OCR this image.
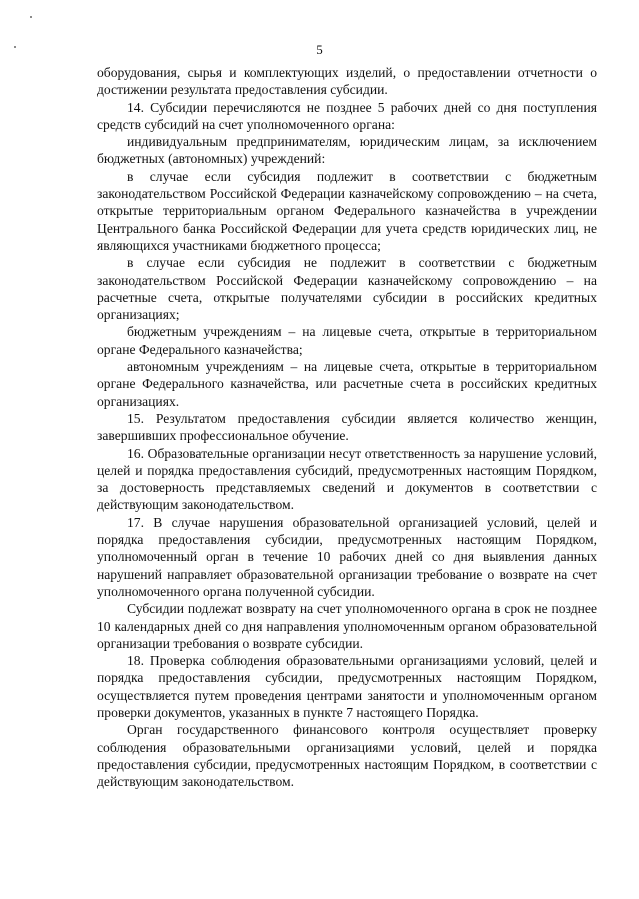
5

оборудования, сырья и комплектующих изделий, о предоставлении отчетности о достижении результата предоставления субсидии.

14. Субсидии перечисляются не позднее 5 рабочих дней со дня поступления средств субсидий на счет уполномоченного органа:

индивидуальным предпринимателям, юридическим лицам, за исключением бюджетных (автономных) учреждений:

в случае если субсидия подлежит в соответствии с бюджетным законодательством Российской Федерации казначейскому сопровождению – на счета, открытые территориальным органом Федерального казначейства в учреждении Центрального банка Российской Федерации для учета средств юридических лиц, не являющихся участниками бюджетного процесса;

в случае если субсидия не подлежит в соответствии с бюджетным законодательством Российской Федерации казначейскому сопровождению – на расчетные счета, открытые получателями субсидии в российских кредитных организациях;

бюджетным учреждениям – на лицевые счета, открытые в территориальном органе Федерального казначейства;

автономным учреждениям – на лицевые счета, открытые в территориальном органе Федерального казначейства, или расчетные счета в российских кредитных организациях.

15. Результатом предоставления субсидии является количество женщин, завершивших профессиональное обучение.

16. Образовательные организации несут ответственность за нарушение условий, целей и порядка предоставления субсидий, предусмотренных настоящим Порядком, за достоверность представляемых сведений и документов в соответствии с действующим законодательством.

17. В случае нарушения образовательной организацией условий, целей и порядка предоставления субсидии, предусмотренных настоящим Порядком, уполномоченный орган в течение 10 рабочих дней со дня выявления данных нарушений направляет образовательной организации требование о возврате на счет уполномоченного органа полученной субсидии.

Субсидии подлежат возврату на счет уполномоченного органа в срок не позднее 10 календарных дней со дня направления уполномоченным органом образовательной организации требования о возврате субсидии.

18. Проверка соблюдения образовательными организациями условий, целей и порядка предоставления субсидии, предусмотренных настоящим Порядком, осуществляется путем проведения центрами занятости и уполномоченным органом проверки документов, указанных в пункте 7 настоящего Порядка.

Орган государственного финансового контроля осуществляет проверку соблюдения образовательными организациями условий, целей и порядка предоставления субсидии, предусмотренных настоящим Порядком, в соответствии с действующим законодательством.
